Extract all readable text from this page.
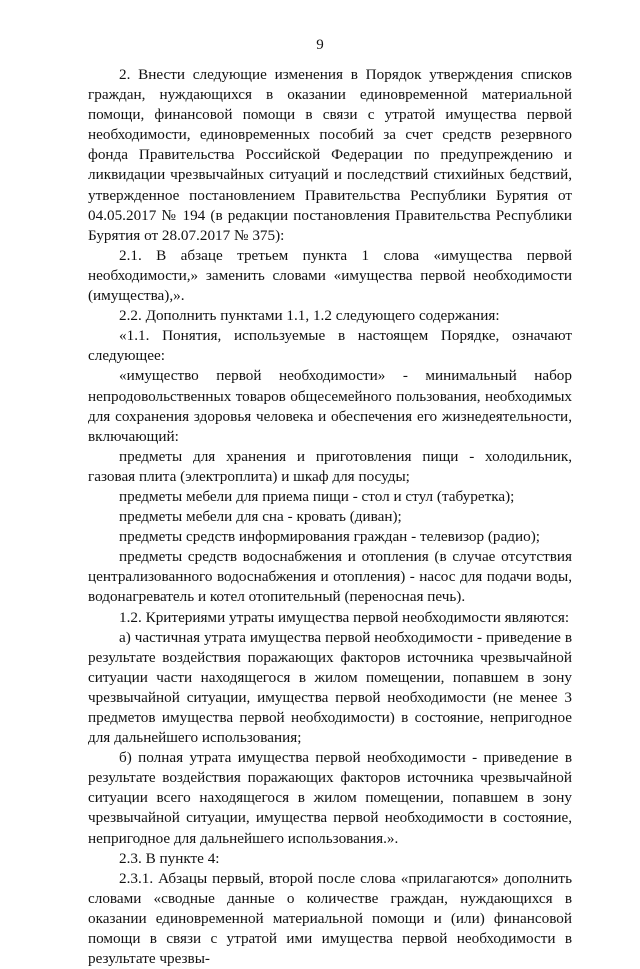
9

2. Внести следующие изменения в Порядок утверждения списков граждан, нуждающихся в оказании единовременной материальной помощи, финансовой помощи в связи с утратой имущества первой необходимости, единовременных пособий за счет средств резервного фонда Правительства Российской Федерации по предупреждению и ликвидации чрезвычайных ситуаций и последствий стихийных бедствий, утвержденное постановлением Правительства Республики Бурятия от 04.05.2017 № 194 (в редакции постановления Правительства Республики Бурятия от 28.07.2017 № 375):

2.1. В абзаце третьем пункта 1 слова «имущества первой необходимости,» заменить словами «имущества первой необходимости (имущества),».

2.2. Дополнить пунктами 1.1, 1.2 следующего содержания:

«1.1. Понятия, используемые в настоящем Порядке, означают следующее:

«имущество первой необходимости» - минимальный набор непродовольственных товаров общесемейного пользования, необходимых для сохранения здоровья человека и обеспечения его жизнедеятельности, включающий:

предметы для хранения и приготовления пищи - холодильник, газовая плита (электроплита) и шкаф для посуды;

предметы мебели для приема пищи - стол и стул (табуретка);

предметы мебели для сна - кровать (диван);

предметы средств информирования граждан - телевизор (радио);

предметы средств водоснабжения и отопления (в случае отсутствия централизованного водоснабжения и отопления) - насос для подачи воды, водонагреватель и котел отопительный (переносная печь).

1.2. Критериями утраты имущества первой необходимости являются:

а) частичная утрата имущества первой необходимости - приведение в результате воздействия поражающих факторов источника чрезвычайной ситуации части находящегося в жилом помещении, попавшем в зону чрезвычайной ситуации, имущества первой необходимости (не менее 3 предметов имущества первой необходимости) в состояние, непригодное для дальнейшего использования;

б) полная утрата имущества первой необходимости - приведение в результате воздействия поражающих факторов источника чрезвычайной ситуации всего находящегося в жилом помещении, попавшем в зону чрезвычайной ситуации, имущества первой необходимости в состояние, непригодное для дальнейшего использования.».

2.3. В пункте 4:

2.3.1. Абзацы первый, второй после слова «прилагаются» дополнить словами «сводные данные о количестве граждан, нуждающихся в оказании единовременной материальной помощи и (или) финансовой помощи в связи с утратой ими имущества первой необходимости в результате чрезвы-
